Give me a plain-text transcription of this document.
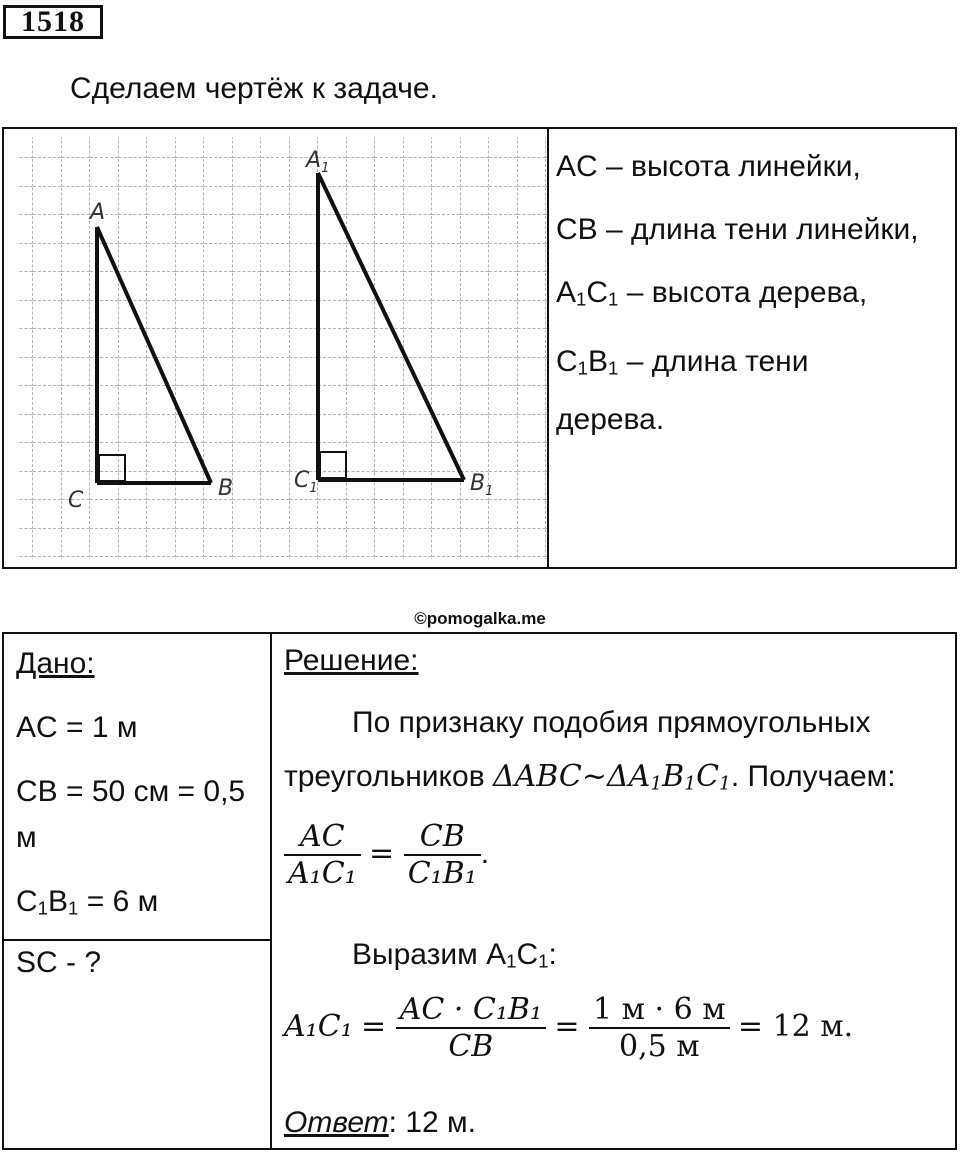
1518
Сделаем чертёж к задаче.
A
B
C
$A_1$
$B_1$
$C_1$
AC – высота линейки,
CB – длина тени линейки,
A1C1 – высота дерева,
C1B1 – длина тени
дерева.
©pomogalka.me
Дано:
AC = 1 м
CB = 50 см = 0,5
м
C1B1 = 6 м
SC - ?
Решение:
По признаку подобия прямоугольных
треугольников ΔABC~ΔA1B1C1. Получаем:
$\frac{AC}{\text{A₁C₁}} = \frac{CB}{\text{C₁B₁}}$ .
Выразим A1C1:
$A_1C_1 = \frac{\text{AC · C₁B₁}}{CB} = \frac{1 м \cdot 6 м}{0,5 м} = 12$ м.
Ответ: 12 м.
